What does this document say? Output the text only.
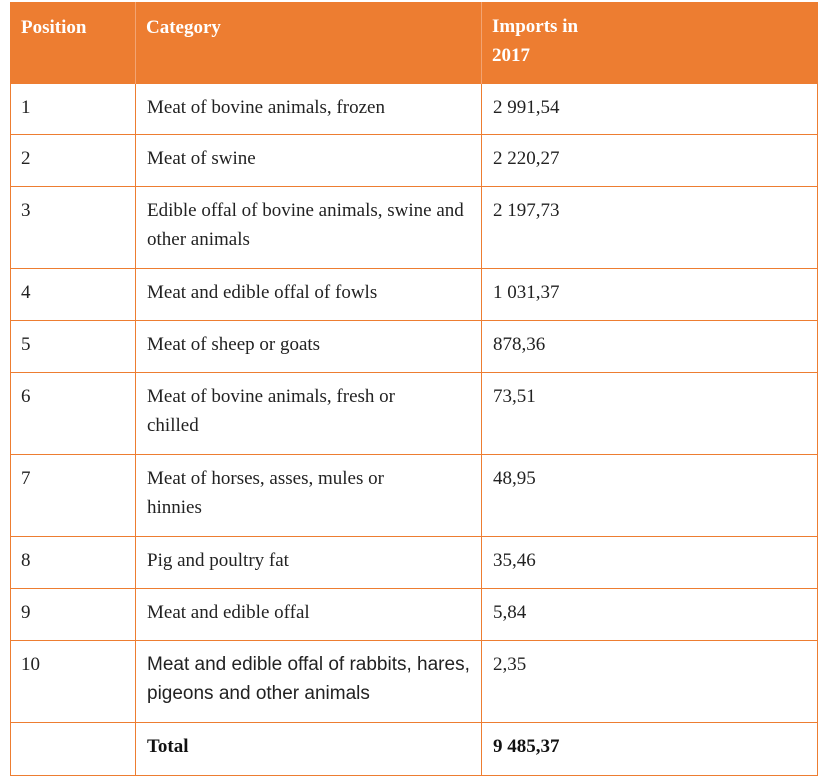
Position	Category	Imports in 2017
1	Meat of bovine animals, frozen	2 991,54
2	Meat of swine	2 220,27
3	Edible offal of bovine animals, swine and other animals	2 197,73
4	Meat and edible offal of fowls	1 031,37
5	Meat of sheep or goats	878,36
6	Meat of bovine animals, fresh or chilled	73,51
7	Meat of horses, asses, mules or hinnies	48,95
8	Pig and poultry fat	35,46
9	Meat and edible offal	5,84
10	Meat and edible offal of rabbits, hares, pigeons and other animals	2,35
	Total	9 485,37
